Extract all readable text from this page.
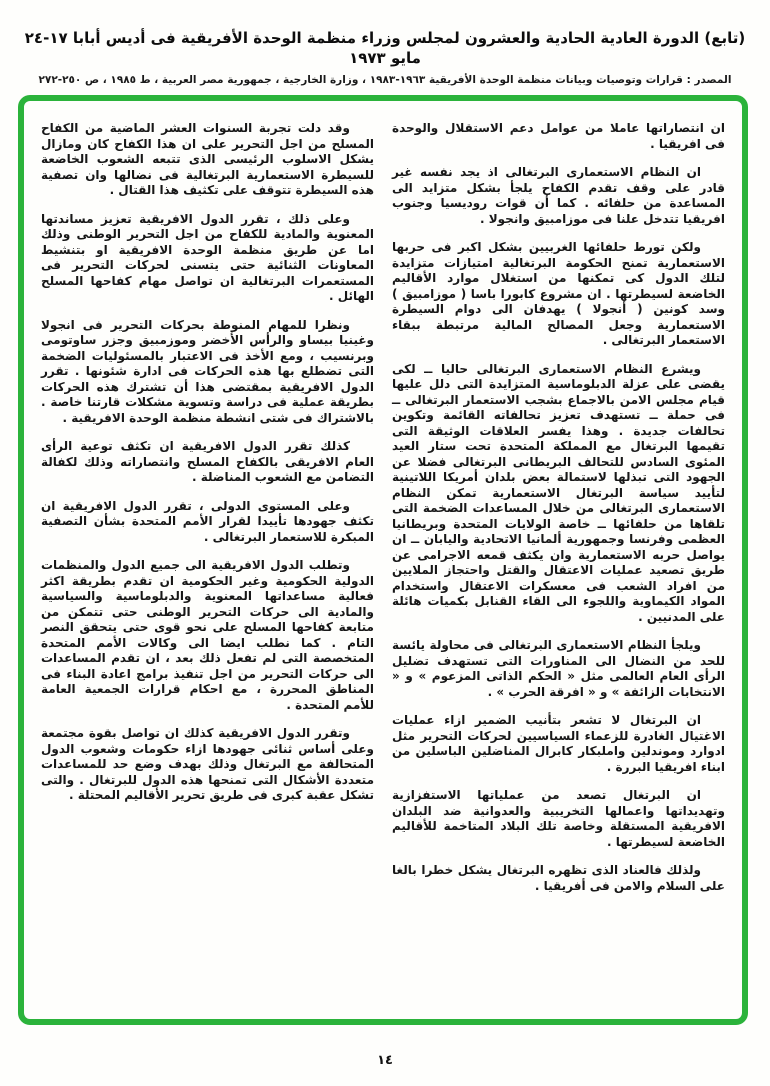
(تابع) الدورة العادية الحادية والعشرون لمجلس وزراء منظمة الوحدة الأفريقية فى أديس أبابا ١٧‏-‏٢٤ مايو ١٩٧٣
المصدر : قرارات وتوصيات وبيانات منظمة الوحدة الأفريقية ١٩٦٣‏-‏١٩٨٣ ، وزارة الخارجية ، جمهورية مصر العربية ، ط ١٩٨٥ ، ص ٢٥٠‏-‏٢٧٢

ان انتصاراتها عاملا من عوامل دعم الاستقلال والوحدة فى افريقيا .

ان النظام الاستعمارى البرتغالى اذ يجد نفسه غير قادر على وقف تقدم الكفاح يلجأ بشكل متزايد الى المساعدة من حلفائه . كما أن قوات روديسيا وجنوب افريقيا تتدخل علنا فى موزامبيق وانجولا .

ولكن تورط حلفائها الغربيين بشكل اكبر فى حربها الاستعمارية تمنح الحكومة البرتغالية امتيازات متزايدة لتلك الدول كى تمكنها من استغلال موارد الأقاليم الخاضعة لسيطرتها . ان مشروع كابورا باسا ( موزامبيق ) وسد كونين ( أنجولا ) يهدفان الى دوام السيطرة الاستعمارية وجعل المصالح المالية مرتبطة ببقاء الاستعمار البرتغالى .

ويشرع النظام الاستعمارى البرتغالى حاليا ــ لكى يقضى على عزلة الدبلوماسية المتزايدة التى دلل عليها قيام مجلس الامن بالاجماع بشجب الاستعمار البرتغالى ــ فى حملة ــ تستهدف تعزيز تحالفاته القائمة وتكوين تحالفات جديدة . وهذا يفسر العلاقات الوثيقة التى تقيمها البرتغال مع المملكة المتحدة تحت ستار العيد المئوى السادس للتحالف البريطانى البرتغالى فضلا عن الجهود التى تبذلها لاستمالة بعض بلدان أمريكا اللاتينية لتأييد سياسة البرتغال الاستعمارية تمكن النظام الاستعمارى البرتغالى من خلال المساعدات الضخمة التى تلقاها من حلفائها ــ خاصة الولايات المتحدة وبريطانيا العظمى وفرنسا وجمهورية ألمانيا الاتحادية واليابان ــ ان يواصل حربه الاستعمارية وان يكثف قمعه الاجرامى عن طريق تصعيد عمليات الاعتقال والقتل واحتجاز الملايين من افراد الشعب فى معسكرات الاعتقال واستخدام المواد الكيماوية واللجوء الى القاء القنابل بكميات هائلة على المدنيين .

ويلجأ النظام الاستعمارى البرتغالى فى محاولة يائسة للحد من النضال الى المناورات التى تستهدف تضليل الرأى العام العالمى مثل « الحكم الذاتى المزعوم » و « الانتخابات الزائفة » و « افرقة الحرب » .

ان البرتغال لا تشعر بتأنيب الضمير ازاء عمليات الاغتيال الغادرة للزعماء السياسيين لحركات التحرير مثل ادوارد وموندلين واملبكار كابرال المناضلين الباسلين من ابناء افريقيا البررة .

ان البرتغال تصعد من عملياتها الاستفزازية وتهديداتها واعمالها التخريبية والعدوانية ضد البلدان الافريقية المستقلة وخاصة تلك البلاد المتاخمة للأقاليم الخاضعة لسيطرتها .

ولذلك فالعناد الذى تظهره البرتغال يشكل خطرا بالغا على السلام والامن فى أفريقيا .

وقد دلت تجربة السنوات العشر الماضية من الكفاح المسلح من اجل التحرير على ان هذا الكفاح كان ومازال يشكل الاسلوب الرئيسى الذى تتبعه الشعوب الخاضعة للسيطرة الاستعمارية البرتغالية فى نضالها وان تصفية هذه السيطرة تتوقف على تكثيف هذا القتال .

وعلى ذلك ، تقرر الدول الافريقية تعزيز مساندتها المعنوية والمادية للكفاح من اجل التحرير الوطنى وذلك اما عن طريق منظمة الوحدة الافريقية او بتنشيط المعاونات الثنائية حتى يتسنى لحركات التحرير فى المستعمرات البرتغالية ان تواصل مهام كفاحها المسلح الهائل .

ونظرا للمهام المنوطة بحركات التحرير فى انجولا وغينيا بيساو والرأس الأخضر وموزمبيق وجزر ساوتومى وبرنسيب ، ومع الأخذ فى الاعتبار بالمسئوليات الضخمة التى تضطلع بها هذه الحركات فى ادارة شئونها . تقرر الدول الافريقية بمقتضى هذا أن تشترك هذه الحركات بطريقة عملية فى دراسة وتسوية مشكلات قارتنا خاصة . بالاشتراك فى شتى انشطة منظمة الوحدة الافريقية .

كذلك تقرر الدول الافريقية ان تكثف توعية الرأى العام الافريقى بالكفاح المسلح وانتصاراته وذلك لكفالة التضامن مع الشعوب المناضلة .

وعلى المستوى الدولى ، تقرر الدول الافريقية ان تكثف جهودها تأييدا لقرار الأمم المتحدة بشأن التصفية المبكرة للاستعمار البرتغالى .

وتطلب الدول الافريقية الى جميع الدول والمنظمات الدولية الحكومية وغير الحكومية ان تقدم بطريقة اكثر فعالية مساعداتها المعنوية والدبلوماسية والسياسية والمادية الى حركات التحرير الوطنى حتى تتمكن من متابعة كفاحها المسلح على نحو قوى حتى يتحقق النصر التام . كما نطلب ايضا الى وكالات الأمم المتحدة المتخصصة التى لم تفعل ذلك بعد ، ان تقدم المساعدات الى حركات التحرير من اجل تنفيذ برامج اعادة البناء فى المناطق المحررة ، مع احكام قرارات الجمعية العامة للأمم المتحدة .

وتقرر الدول الافريقية كذلك ان تواصل بقوة مجتمعة وعلى أساس ثنائى جهودها ازاء حكومات وشعوب الدول المتحالفة مع البرتغال وذلك بهدف وضع حد للمساعدات متعددة الأشكال التى تمنحها هذه الدول للبرتغال . والتى تشكل عقبة كبرى فى طريق تحرير الأقاليم المحتلة .

١٤
